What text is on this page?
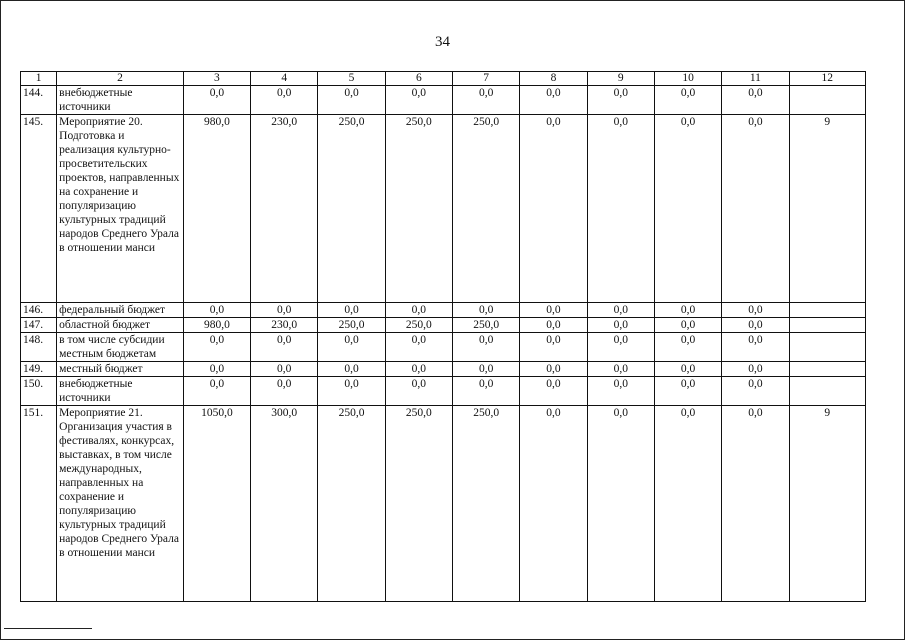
34
1	2	3	4	5	6	7	8	9	10	11	12
144.	внебюджетные источники	0,0	0,0	0,0	0,0	0,0	0,0	0,0	0,0	0,0	
145.	Мероприятие 20. Подготовка и реализация культурно-просветительских проектов, направленных на сохранение и популяризацию культурных традиций народов Среднего Урала в отношении манси	980,0	230,0	250,0	250,0	250,0	0,0	0,0	0,0	0,0	9
146.	федеральный бюджет	0,0	0,0	0,0	0,0	0,0	0,0	0,0	0,0	0,0	
147.	областной бюджет	980,0	230,0	250,0	250,0	250,0	0,0	0,0	0,0	0,0	
148.	в том числе субсидии местным бюджетам	0,0	0,0	0,0	0,0	0,0	0,0	0,0	0,0	0,0	
149.	местный бюджет	0,0	0,0	0,0	0,0	0,0	0,0	0,0	0,0	0,0	
150.	внебюджетные источники	0,0	0,0	0,0	0,0	0,0	0,0	0,0	0,0	0,0	
151.	Мероприятие 21. Организация участия в фестивалях, конкурсах, выставках, в том числе международных, направленных на сохранение и популяризацию культурных традиций народов Среднего Урала в отношении манси	1050,0	300,0	250,0	250,0	250,0	0,0	0,0	0,0	0,0	9
